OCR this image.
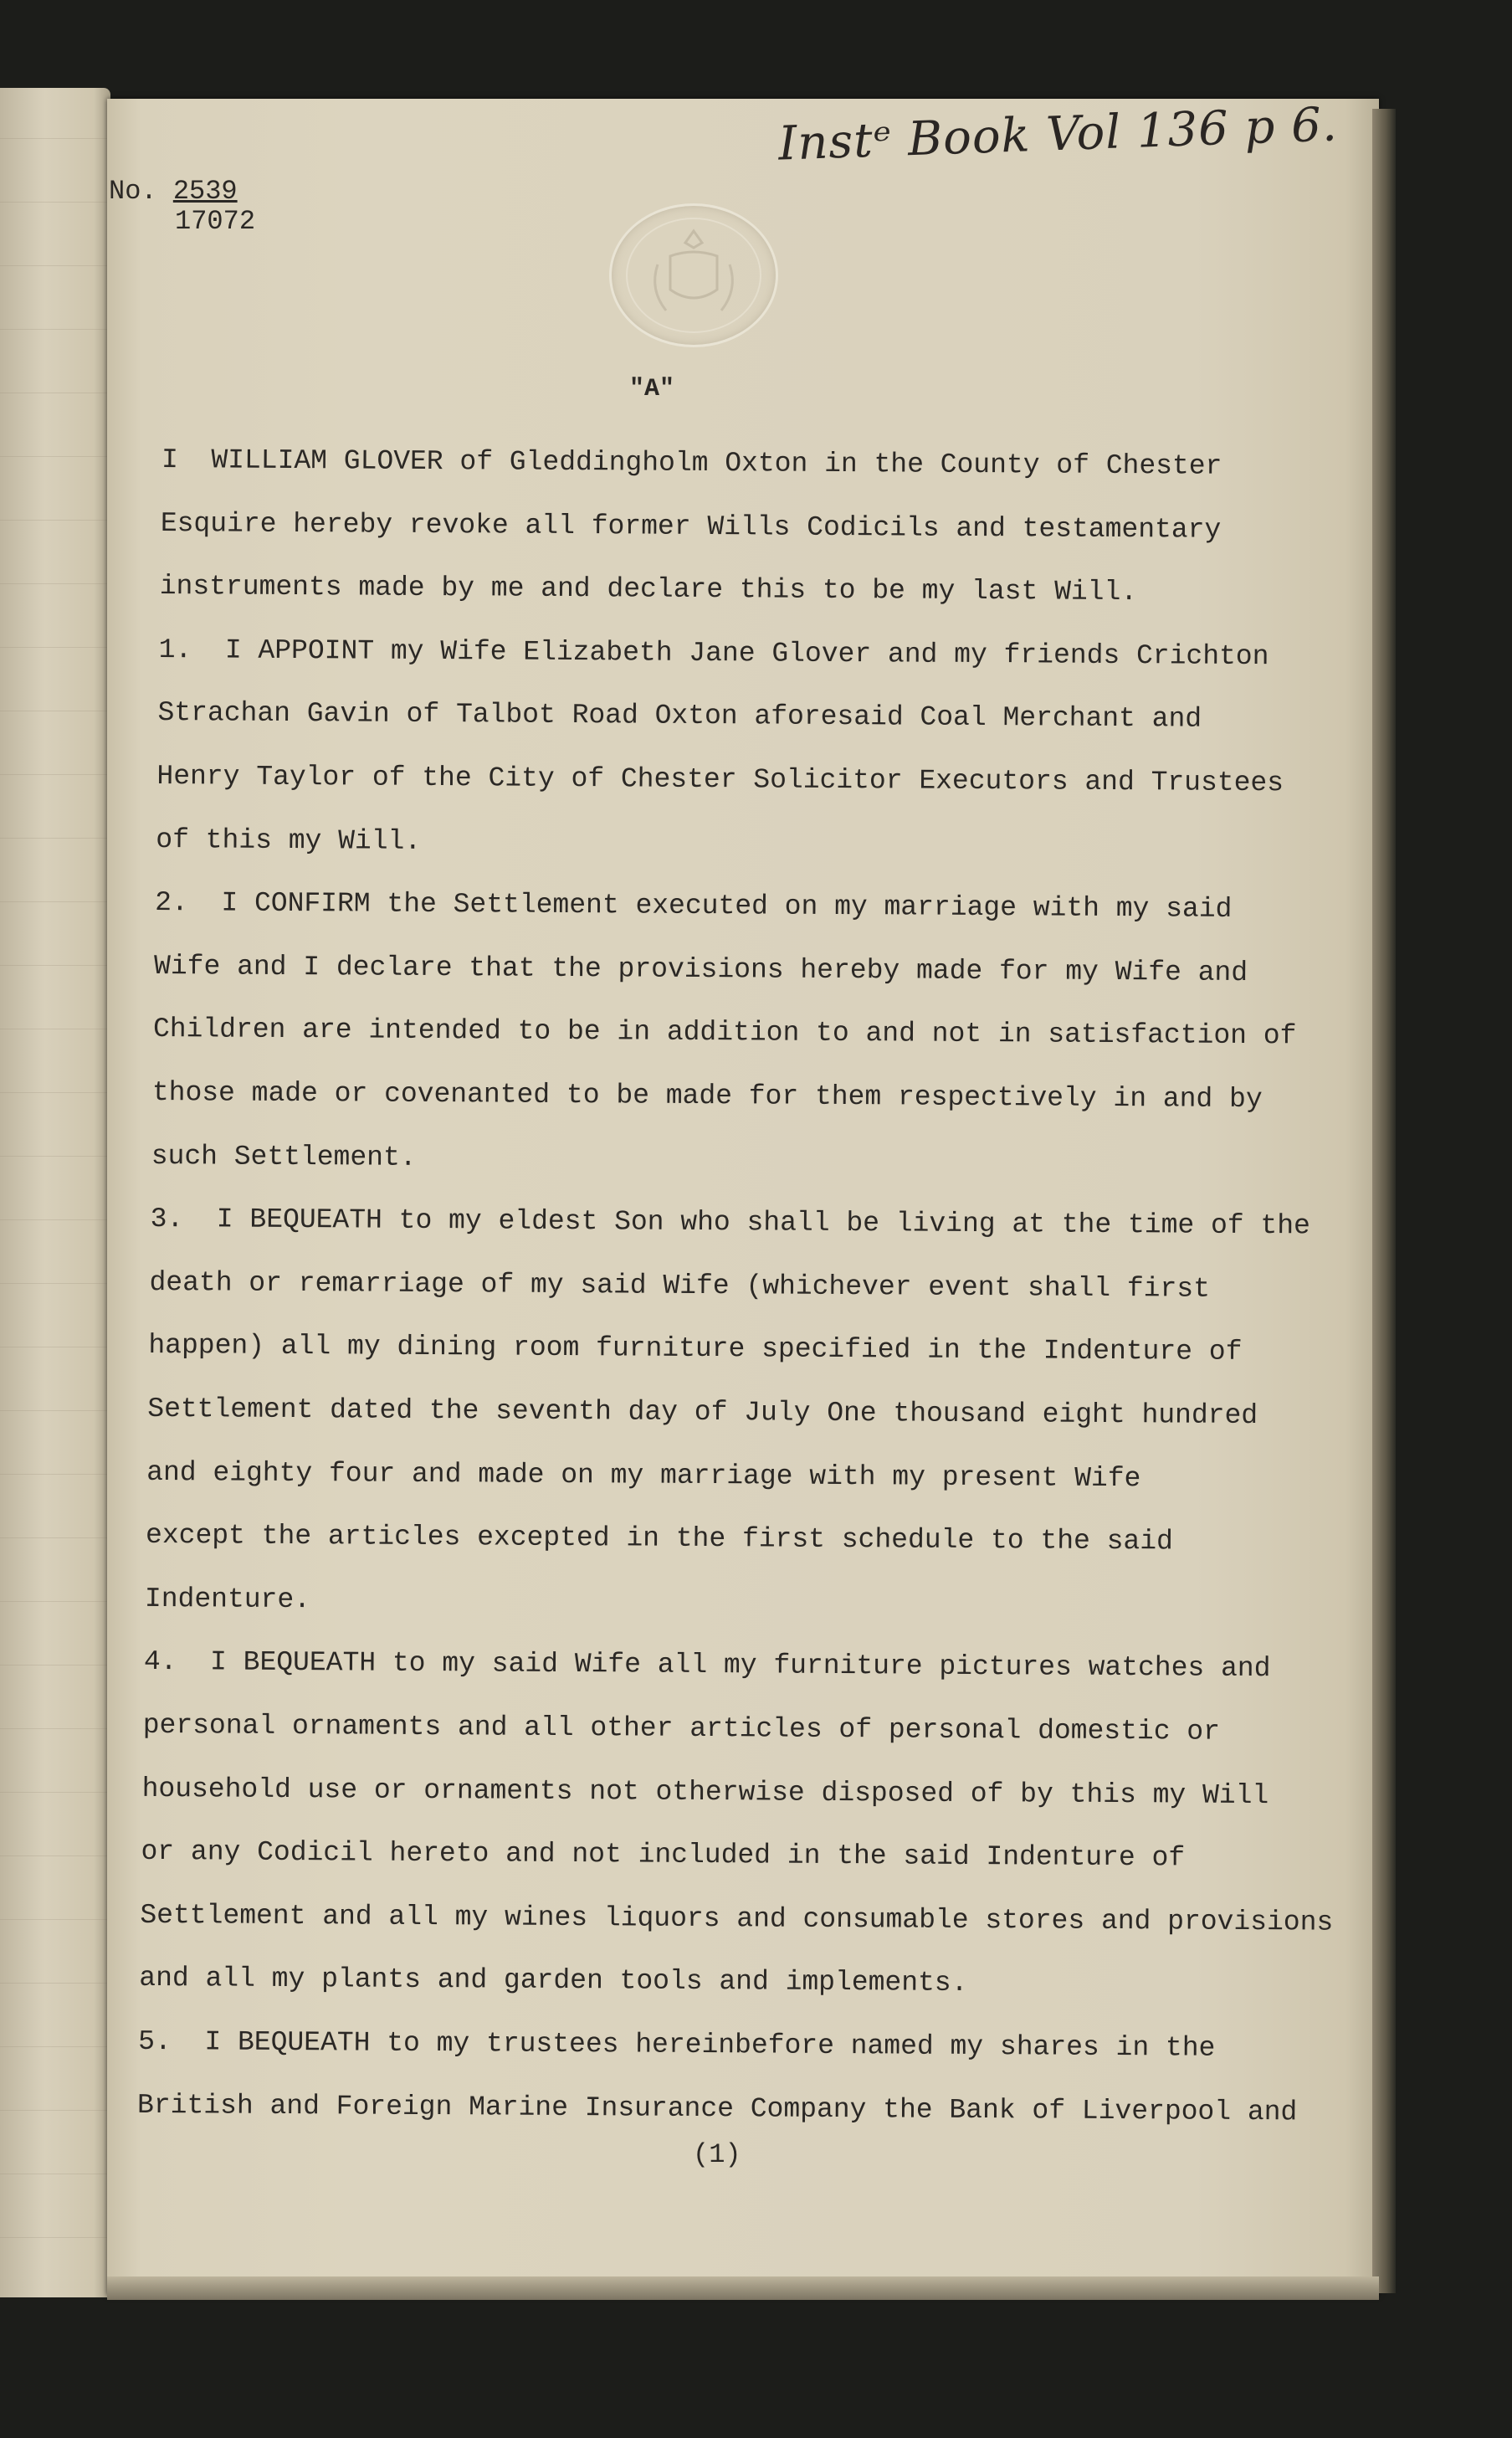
No. 2539
17072
Instᵉ Book Vol 136 p 6.
"A"
I  WILLIAM GLOVER of Gleddingholm Oxton in the County of Chester
Esquire hereby revoke all former Wills Codicils and testamentary
instruments made by me and declare this to be my last Will.
1.  I APPOINT my Wife Elizabeth Jane Glover and my friends Crichton
Strachan Gavin of Talbot Road Oxton aforesaid Coal Merchant and
Henry Taylor of the City of Chester Solicitor Executors and Trustees
of this my Will.
2.  I CONFIRM the Settlement executed on my marriage with my said
Wife and I declare that the provisions hereby made for my Wife and
Children are intended to be in addition to and not in satisfaction of
those made or covenanted to be made for them respectively in and by
such Settlement.
3.  I BEQUEATH to my eldest Son who shall be living at the time of the
death or remarriage of my said Wife (whichever event shall first
happen) all my dining room furniture specified in the Indenture of
Settlement dated the seventh day of July One thousand eight hundred
and eighty four and made on my marriage with my present Wife
except the articles excepted in the first schedule to the said
Indenture.
4.  I BEQUEATH to my said Wife all my furniture pictures watches and
personal ornaments and all other articles of personal domestic or
household use or ornaments not otherwise disposed of by this my Will
or any Codicil hereto and not included in the said Indenture of
Settlement and all my wines liquors and consumable stores and provisions
and all my plants and garden tools and implements.
5.  I BEQUEATH to my trustees hereinbefore named my shares in the
British and Foreign Marine Insurance Company the Bank of Liverpool and
(1)
